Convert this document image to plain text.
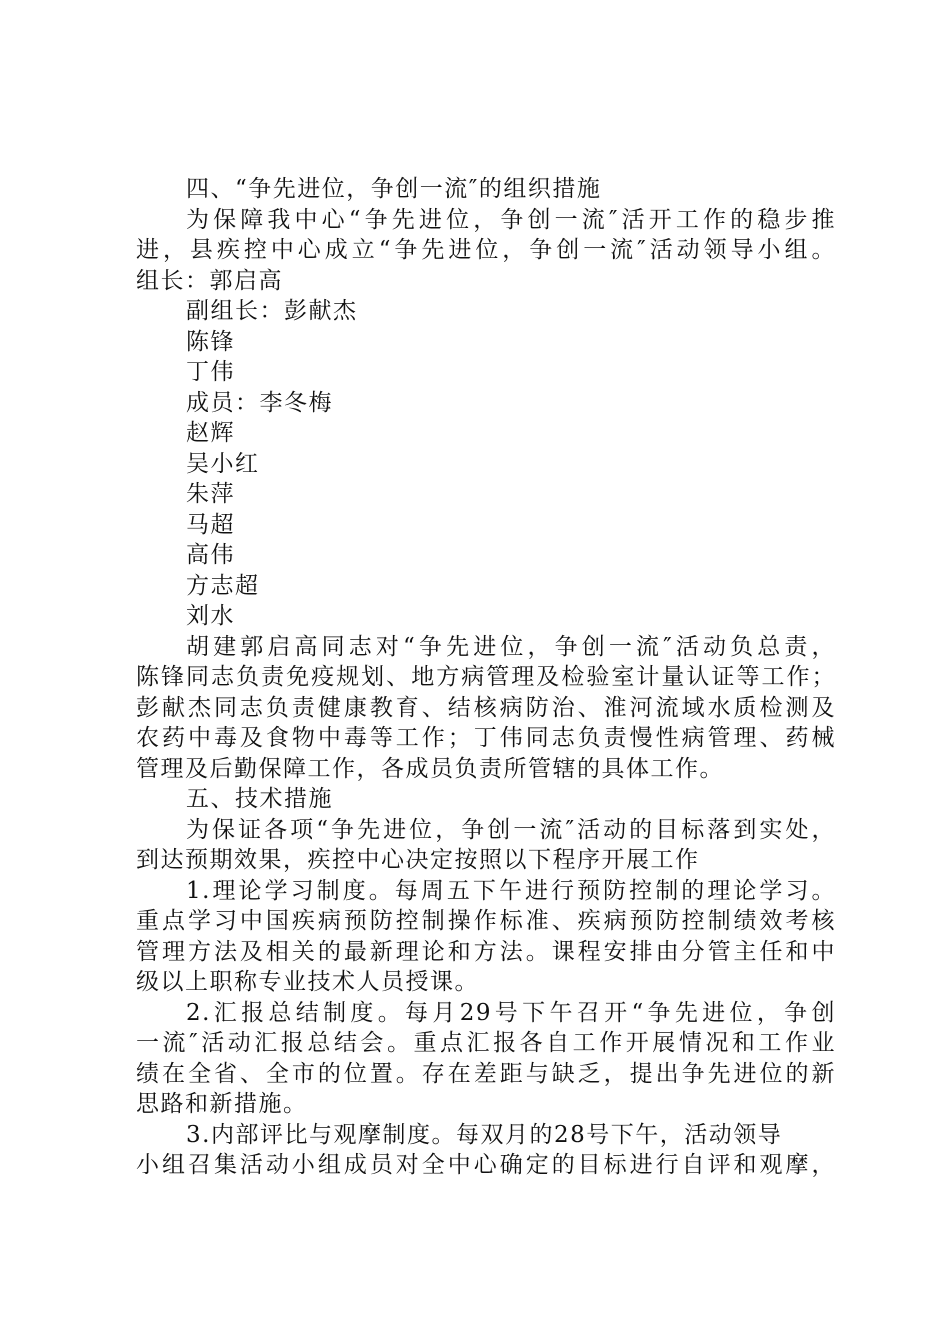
四、“争先进位，争创一流″的组织措施
为保障我中心“争先进位，争创一流″活开工作的稳步推
进，县疾控中心成立“争先进位，争创一流″活动领导小组。
组长：郭启高
副组长：彭献杰
陈锋
丁伟
成员：李冬梅
赵辉
吴小红
朱萍
马超
高伟
方志超
刘水
胡建郭启高同志对“争先进位，争创一流″活动负总责，
陈锋同志负责免疫规划、地方病管理及检验室计量认证等工作；
彭献杰同志负责健康教育、结核病防治、淮河流域水质检测及
农药中毒及食物中毒等工作；丁伟同志负责慢性病管理、药械
管理及后勤保障工作，各成员负责所管辖的具体工作。
五、技术措施
为保证各项“争先进位，争创一流″活动的目标落到实处，
到达预期效果，疾控中心决定按照以下程序开展工作
1.理论学习制度。每周五下午进行预防控制的理论学习。
重点学习中国疾病预防控制操作标准、疾病预防控制绩效考核
管理方法及相关的最新理论和方法。课程安排由分管主任和中
级以上职称专业技术人员授课。
2.汇报总结制度。每月29号下午召开“争先进位，争创
一流″活动汇报总结会。重点汇报各自工作开展情况和工作业
绩在全省、全市的位置。存在差距与缺乏，提出争先进位的新
思路和新措施。
3.内部评比与观摩制度。每双月的28号下午，活动领导
小组召集活动小组成员对全中心确定的目标进行自评和观摩，
